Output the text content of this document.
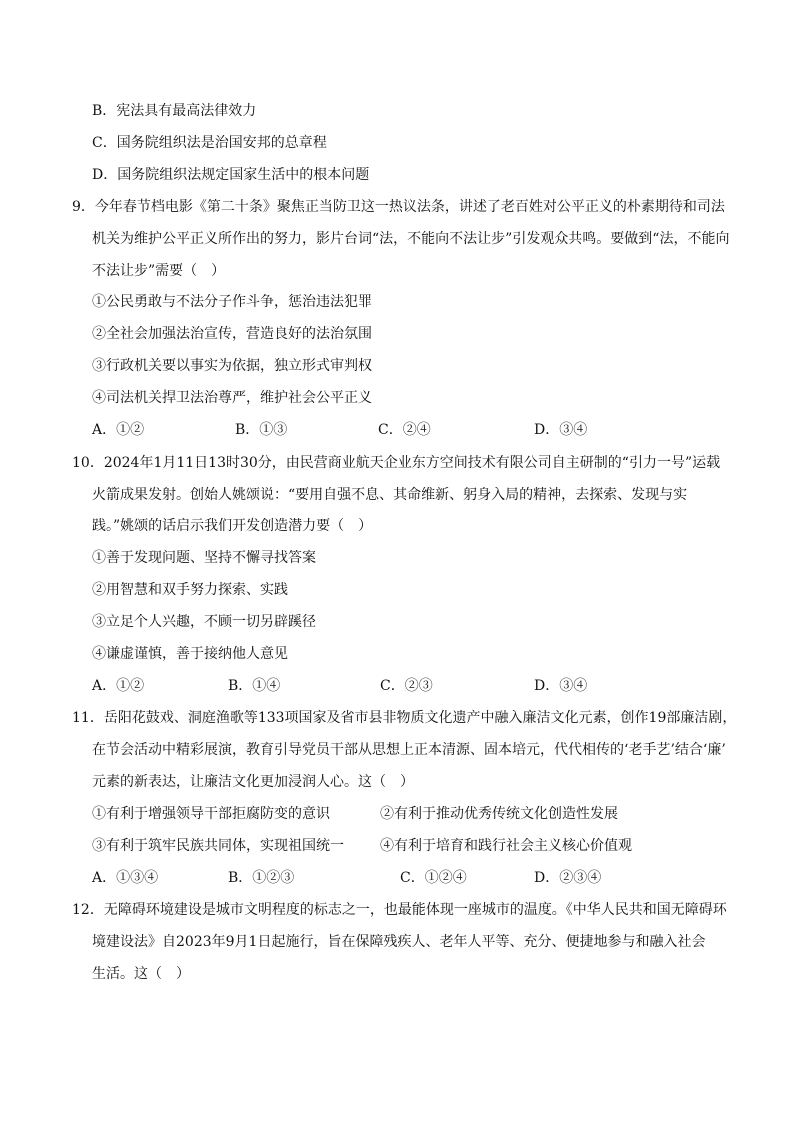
B．宪法具有最高法律效力
C．国务院组织法是治国安邦的总章程
D．国务院组织法规定国家生活中的根本问题
9．今年春节档电影《第二十条》聚焦正当防卫这一热议法条，讲述了老百姓对公平正义的朴素期待和司法
机关为维护公平正义所作出的努力，影片台词“法，不能向不法让步”引发观众共鸣。要做到“法，不能向
不法让步”需要（　）
①公民勇敢与不法分子作斗争，惩治违法犯罪
②全社会加强法治宣传，营造良好的法治氛围
③行政机关要以事实为依据，独立形式审判权
④司法机关捍卫法治尊严，维护社会公平正义
A．①②	B．①③	C．②④	D．③④
10．2024年1月11日13时30分，由民营商业航天企业东方空间技术有限公司自主研制的“引力一号”运载
火箭成果发射。创始人姚颂说：“要用自强不息、其命维新、躬身入局的精神，去探索、发现与实
践。”姚颂的话启示我们开发创造潜力要（　）
①善于发现问题、坚持不懈寻找答案
②用智慧和双手努力探索、实践
③立足个人兴趣，不顾一切另辟蹊径
④谦虚谨慎，善于接纳他人意见
A．①②	B．①④	C．②③	D．③④
11．岳阳花鼓戏、洞庭渔歌等133项国家及省市县非物质文化遗产中融入廉洁文化元素，创作19部廉洁剧，
在节会活动中精彩展演，教育引导党员干部从思想上正本清源、固本培元，代代相传的‘老手艺’结合‘廉’
元素的新表达，让廉洁文化更加浸润人心。这（　）
①有利于增强领导干部拒腐防变的意识	②有利于推动优秀传统文化创造性发展
③有利于筑牢民族共同体，实现祖国统一	④有利于培育和践行社会主义核心价值观
A．①③④	B．①②③	C．①②④	D．②③④
12．无障碍环境建设是城市文明程度的标志之一，也最能体现一座城市的温度。《中华人民共和国无障碍环
境建设法》自2023年9月1日起施行，旨在保障残疾人、老年人平等、充分、便捷地参与和融入社会
生活。这（　）
